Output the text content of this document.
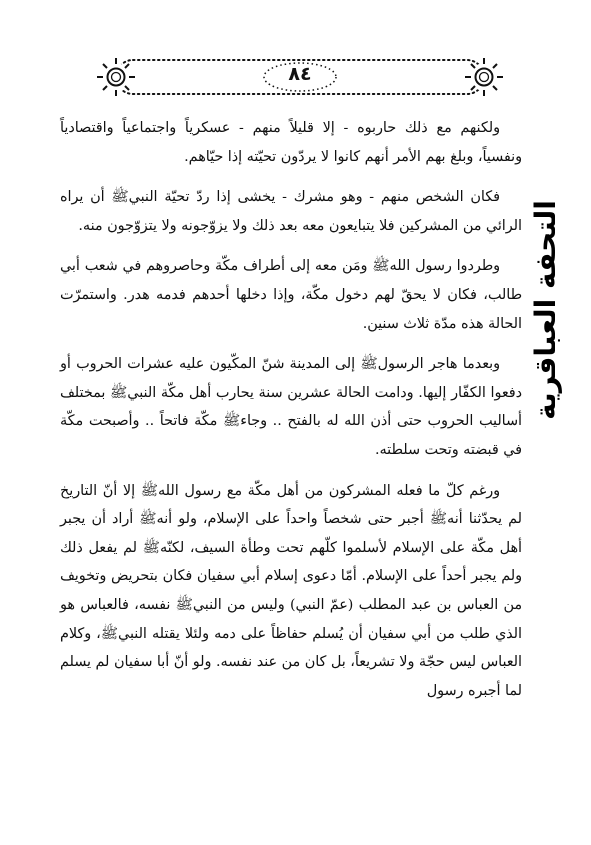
٨٤

ولكنهم مع ذلك حاربوه - إلا قليلاً منهم - عسكرياً واجتماعياً واقتصادياً ونفسياً، وبلغ بهم الأمر أنهم كانوا لا يردّون تحيّته إذا حيّاهم.

فكان الشخص منهم - وهو مشرك - يخشى إذا ردّ تحيّة النبيﷺ أن يراه الرائي من المشركين فلا يتبايعون معه بعد ذلك ولا يزوّجونه ولا يتزوّجون منه.

وطردوا رسول اللهﷺ ومَن معه إلى أطراف مكّة وحاصروهم في شعب أبي طالب، فكان لا يحقّ لهم دخول مكّة، وإذا دخلها أحدهم فدمه هدر. واستمرّت الحالة هذه مدّة ثلاث سنين.

وبعدما هاجر الرسولﷺ إلى المدينة شنّ المكّيون عليه عشرات الحروب أو دفعوا الكفّار إليها. ودامت الحالة عشرين سنة يحارب أهل مكّة النبيﷺ بمختلف أساليب الحروب حتى أذن الله له بالفتح .. وجاءﷺ مكّة فاتحاً .. وأصبحت مكّة في قبضته وتحت سلطته.

ورغم كلّ ما فعله المشركون من أهل مكّة مع رسول اللهﷺ إلا أنّ التاريخ لم يحدّثنا أنهﷺ أجبر حتى شخصاً واحداً على الإسلام، ولو أنهﷺ أراد أن يجبر أهل مكّة على الإسلام لأسلموا كلّهم تحت وطأة السيف، لكنّهﷺ لم يفعل ذلك ولم يجبر أحداً على الإسلام. أمّا دعوى إسلام أبي سفيان فكان بتحريض وتخويف من العباس بن عبد المطلب (عمّ النبي) وليس من النبيﷺ نفسه، فالعباس هو الذي طلب من أبي سفيان أن يُسلم حفاظاً على دمه ولئلا يقتله النبيﷺ، وكلام العباس ليس حجّة ولا تشريعاً، بل كان من عند نفسه. ولو أنّ أبا سفيان لم يسلم لما أجبره رسول

التحفة العباقرية
